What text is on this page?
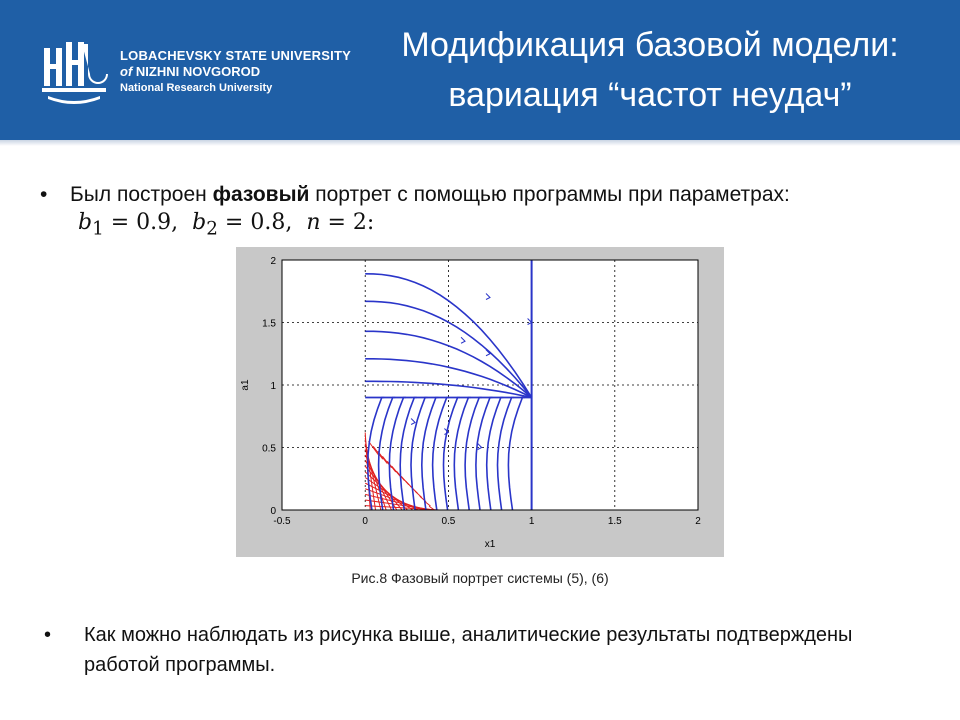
LOBACHEVSKY STATE UNIVERSITY
of NIZHNI NOVGOROD
National Research University
Модификация базовой модели:
вариация “частот неудач”
• Был построен фазовый портрет с помощью программы при параметрах:
$b_1 = 0.9$, $b_2 = 0.8$, n = 2:
-0.5	0	0.5	1	1.5	2
0
0.5
1
1.5
2
x1
a1
Рис.8 Фазовый портрет системы (5), (6)
• Как можно наблюдать из рисунка выше, аналитические результаты подтверждены работой программы.
